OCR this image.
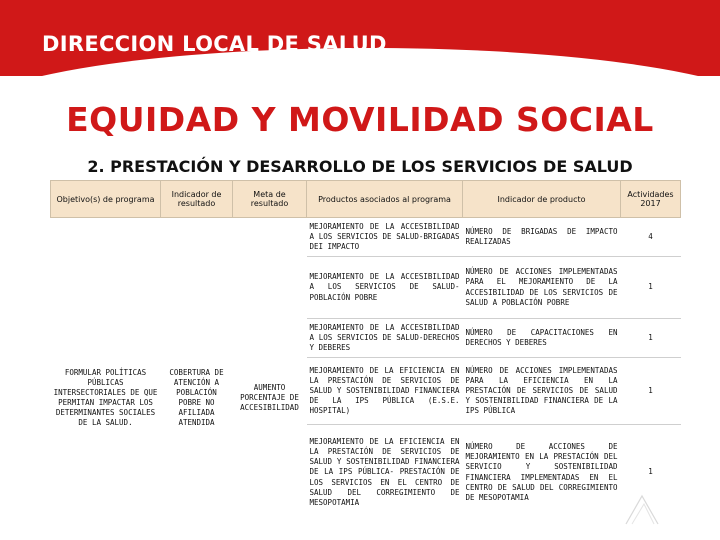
DIRECCION LOCAL DE SALUD
EQUIDAD Y MOVILIDAD SOCIAL
2. PRESTACIÓN Y DESARROLLO DE LOS SERVICIOS DE SALUD
Objetivo(s) de programa	Indicador de resultado	Meta de resultado	Productos asociados al programa	Indicador de producto	Actividades 2017
FORMULAR POLÍTICAS PÚBLICAS INTERSECTORIALES DE QUE PERMITAN IMPACTAR LOS DETERMINANTES SOCIALES DE LA SALUD.	COBERTURA DE ATENCIÓN A POBLACIÓN POBRE NO AFILIADA ATENDIDA	AUMENTO PORCENTAJE DE ACCESIBILIDAD	MEJORAMIENTO DE LA ACCESIBILIDAD A LOS SERVICIOS DE SALUD-BRIGADAS DEI IMPACTO	NÚMERO DE BRIGADAS DE IMPACTO REALIZADAS	4
			MEJORAMIENTO DE LA ACCESIBILIDAD A LOS SERVICIOS DE SALUD-POBLACIÓN POBRE	NÚMERO DE ACCIONES IMPLEMENTADAS PARA EL MEJORAMIENTO DE LA ACCESIBILIDAD DE LOS SERVICIOS DE SALUD A POBLACIÓN POBRE	1
			MEJORAMIENTO DE LA ACCESIBILIDAD A LOS SERVICIOS DE SALUD-DERECHOS Y DEBERES	NÚMERO DE CAPACITACIONES EN DERECHOS Y DEBERES	1
			MEJORAMIENTO DE LA EFICIENCIA EN LA PRESTACIÓN DE SERVICIOS DE SALUD Y SOSTENIBILIDAD FINANCIERA DE LA IPS PÚBLICA (E.S.E. HOSPITAL)	NÚMERO DE ACCIONES IMPLEMENTADAS PARA LA EFICIENCIA EN LA PRESTACIÓN DE SERVICIOS DE SALUD Y SOSTENIBILIDAD FINANCIERA DE LA IPS PÚBLICA	1
			MEJORAMIENTO DE LA EFICIENCIA EN LA PRESTACIÓN DE SERVICIOS DE SALUD Y SOSTENIBILIDAD FINANCIERA DE LA IPS PÚBLICA- PRESTACIÓN DE LOS SERVICIOS EN EL CENTRO DE SALUD DEL CORREGIMIENTO DE MESOPOTAMIA	NÚMERO DE ACCIONES DE MEJORAMIENTO EN LA PRESTACIÓN DEL SERVICIO Y SOSTENIBILIDAD FINANCIERA IMPLEMENTADAS EN EL CENTRO DE SALUD DEL CORREGIMIENTO DE MESOPOTAMIA	1
